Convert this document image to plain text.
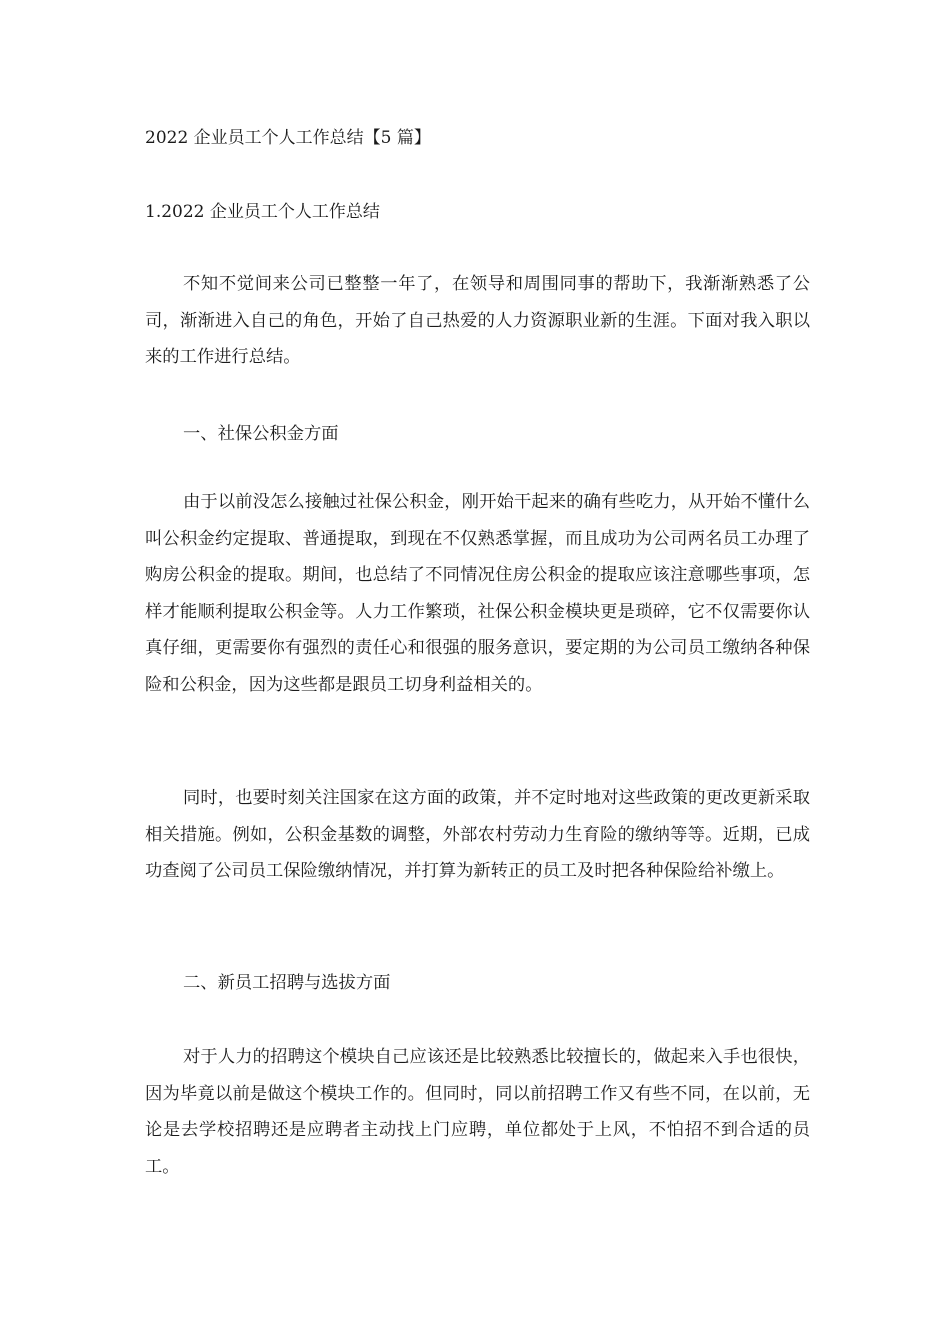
2022 企业员工个人工作总结【5 篇】
1.2022 企业员工个人工作总结

不知不觉间来公司已整整一年了，在领导和周围同事的帮助下，我渐渐熟悉了公司，渐渐进入自己的角色，开始了自己热爱的人力资源职业新的生涯。下面对我入职以来的工作进行总结。

一、社保公积金方面

由于以前没怎么接触过社保公积金，刚开始干起来的确有些吃力，从开始不懂什么叫公积金约定提取、普通提取，到现在不仅熟悉掌握，而且成功为公司两名员工办理了购房公积金的提取。期间，也总结了不同情况住房公积金的提取应该注意哪些事项，怎样才能顺利提取公积金等。人力工作繁琐，社保公积金模块更是琐碎，它不仅需要你认真仔细，更需要你有强烈的责任心和很强的服务意识，要定期的为公司员工缴纳各种保险和公积金，因为这些都是跟员工切身利益相关的。

同时，也要时刻关注国家在这方面的政策，并不定时地对这些政策的更改更新采取相关措施。例如，公积金基数的调整，外部农村劳动力生育险的缴纳等等。近期，已成功查阅了公司员工保险缴纳情况，并打算为新转正的员工及时把各种保险给补缴上。

二、新员工招聘与选拔方面

对于人力的招聘这个模块自己应该还是比较熟悉比较擅长的，做起来入手也很快，因为毕竟以前是做这个模块工作的。但同时，同以前招聘工作又有些不同，在以前，无论是去学校招聘还是应聘者主动找上门应聘，单位都处于上风，不怕招不到合适的员工。
